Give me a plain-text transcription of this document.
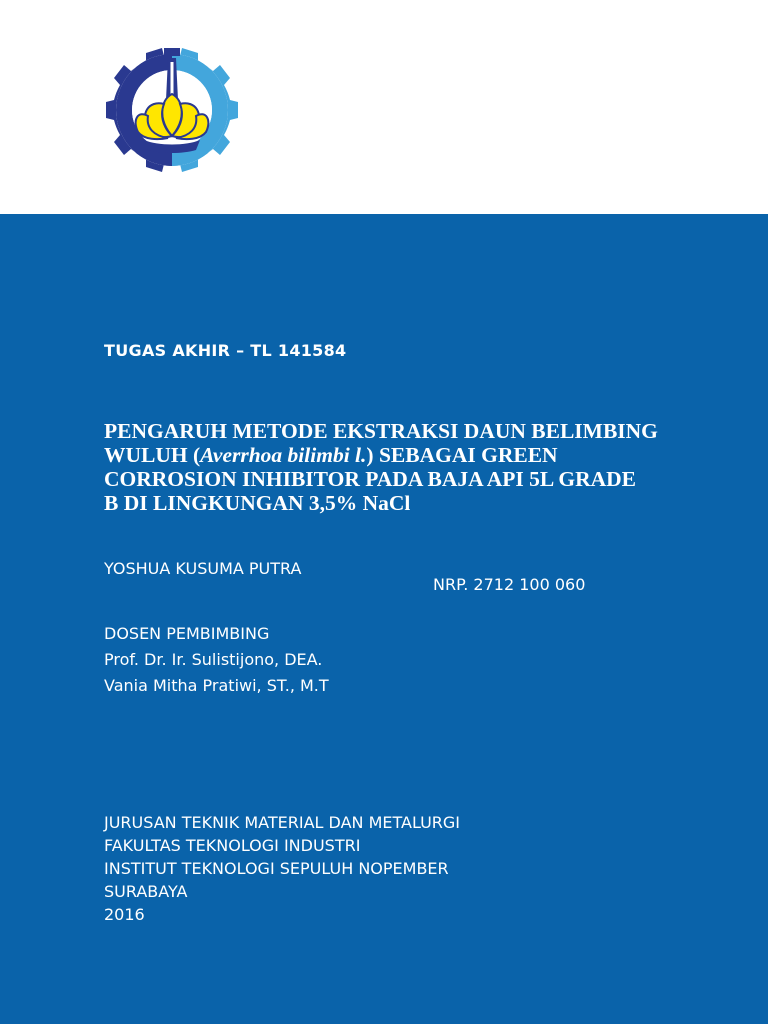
TUGAS AKHIR – TL 141584

PENGARUH METODE EKSTRAKSI DAUN BELIMBING
WULUH (Averrhoa bilimbi l.) SEBAGAI GREEN
CORROSION INHIBITOR PADA BAJA API 5L GRADE
B DI LINGKUNGAN 3,5% NaCl

YOSHUA KUSUMA PUTRA

NRP. 2712 100 060

DOSEN PEMBIMBING

Prof. Dr. Ir. Sulistijono, DEA.

Vania Mitha Pratiwi, ST., M.T

JURUSAN TEKNIK MATERIAL DAN METALURGI

FAKULTAS TEKNOLOGI INDUSTRI

INSTITUT TEKNOLOGI SEPULUH NOPEMBER

SURABAYA

2016
